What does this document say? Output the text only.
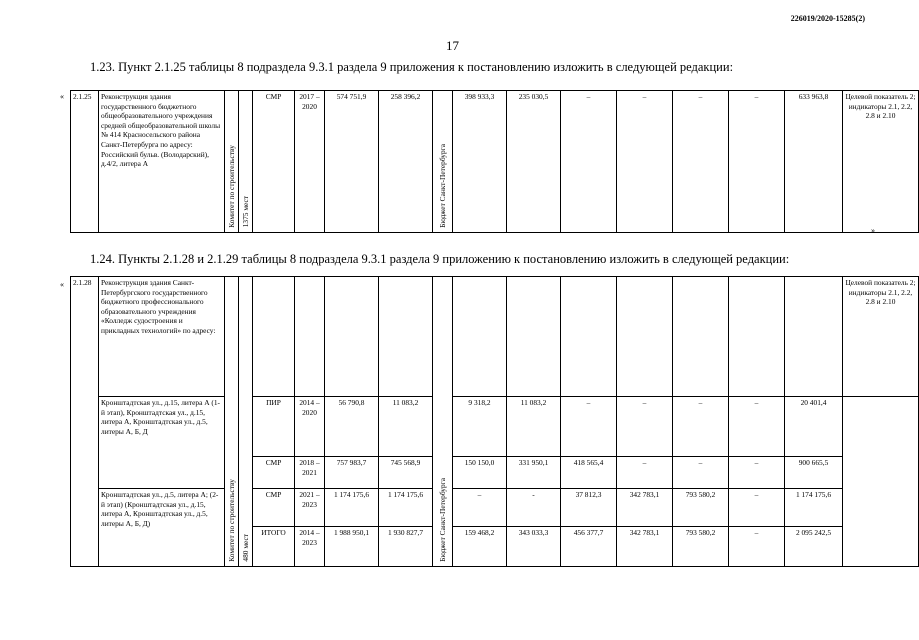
226019/2020-15285(2)
17
1.23. Пункт 2.1.25 таблицы 8 подраздела 9.3.1 раздела 9 приложения к постановлению изложить в следующей редакции:
« 2.1.25	Реконструкция здания государственного бюджетного общеобразовательного учреждения средней общеобразовательной школы № 414 Красносельского района Санкт-Петербурга по адресу: Российский бульв. (Володарский), д.4/2, литера А	Комитет по строительству	1375 мест	СМР	2017 – 2020	574 751,9	258 396,2	Бюджет Санкт-Петербурга	398 933,3	235 030,5	–	–	–	–	633 963,8	Целевой показатель 2; индикаторы 2.1, 2.2, 2.8 и 2.10
».
1.24. Пункты 2.1.28 и 2.1.29 таблицы 8 подраздела 9.3.1 раздела 9 приложению к постановлению изложить в следующей редакции:
« 2.1.28	Реконструкция здания Санкт-Петербургского государственного бюджетного профессионального образовательного учреждения «Колледж судостроения и прикладных технологий» по адресу:	Комитет по строительству	480 мест					Бюджет Санкт-Петербурга								Целевой показатель 2; индикаторы 2.1, 2.2, 2.8 и 2.10
	Кронштадтская ул., д.15, литера А (1-й этап), Кронштадтская ул., д.15, литера А, Кронштадтская ул., д.5, литеры А, Б, Д			ПИР	2014 – 2020	56 790,8	11 083,2		9 318,2	11 083,2	–	–	–	–	20 401,4	
				СМР	2018 – 2021	757 983,7	745 568,9		150 150,0	331 950,1	418 565,4	–	–	–	900 665,5	
	Кронштадтская ул., д.5, литера А; (2-й этап) (Кронштадтская ул., д.15, литера А, Кронштадтская ул., д.5, литеры А, Б, Д)			СМР	2021 – 2023	1 174 175,6	1 174 175,6		–	-	37 812,3	342 783,1	793 580,2	–	1 174 175,6	
				ИТОГО	2014 – 2023	1 988 950,1	1 930 827,7		159 468,2	343 033,3	456 377,7	342 783,1	793 580,2	–	2 095 242,5	
